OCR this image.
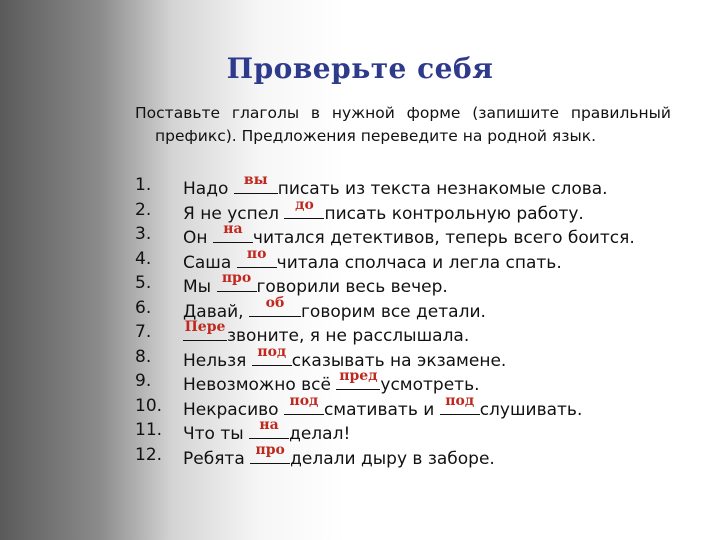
Проверьте себя
Поставьте глаголы в нужной форме (запишите правильный
префикс). Предложения переведите на родной язык.
1. Надо вы писать из текста незнакомые слова.
2. Я не успел до писать контрольную работу.
3. Он на читался детективов, теперь всего боится.
4. Саша по читала сполчаса и легла спать.
5. Мы про говорили весь вечер.
6. Давай,	об говорим все детали.
7. Пере звоните, я не расслышала.
8. Нельзя под сказывать на экзамене.
9. Невозможно всё пред усмотреть.
10. Некрасиво под смативать и под слушивать.
11. Что ты на делал!
12. Ребята про делали дыру в заборе.
